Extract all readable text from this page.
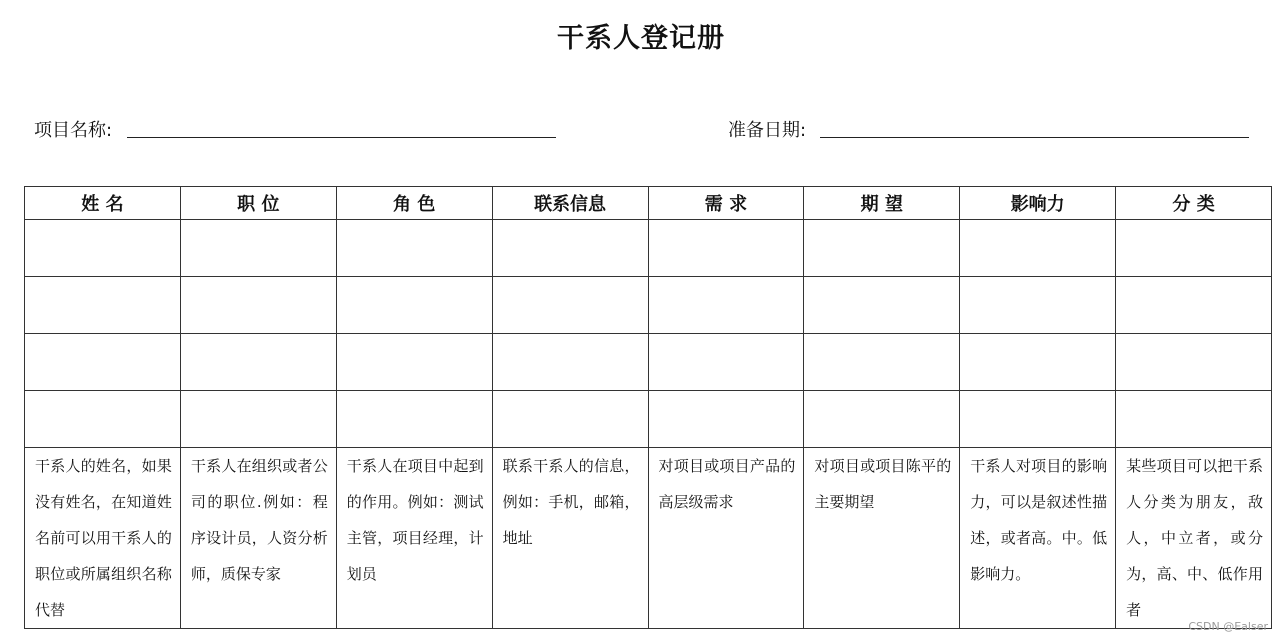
干系人登记册
项目名称:	准备日期:
姓 名	职 位	角 色	联系信息	需 求	期 望	影响力	分 类

干系人的姓名，如果没有姓名，在知道姓名前可以用干系人的职位或所属组织名称代替	干系人在组织或者公司的职位.例如：程序设计员，人资分析师，质保专家	干系人在项目中起到的作用。例如：测试主管，项目经理，计划员	联系干系人的信息，例如：手机，邮箱，地址	对项目或项目产品的高层级需求	对项目或项目陈平的主要期望	干系人对项目的影响力，可以是叙述性描述，或者高。中。低影响力。	某些项目可以把干系人分类为朋友，敌人，中立者，或分为，高、中、低作用者
CSDN @Ealser
